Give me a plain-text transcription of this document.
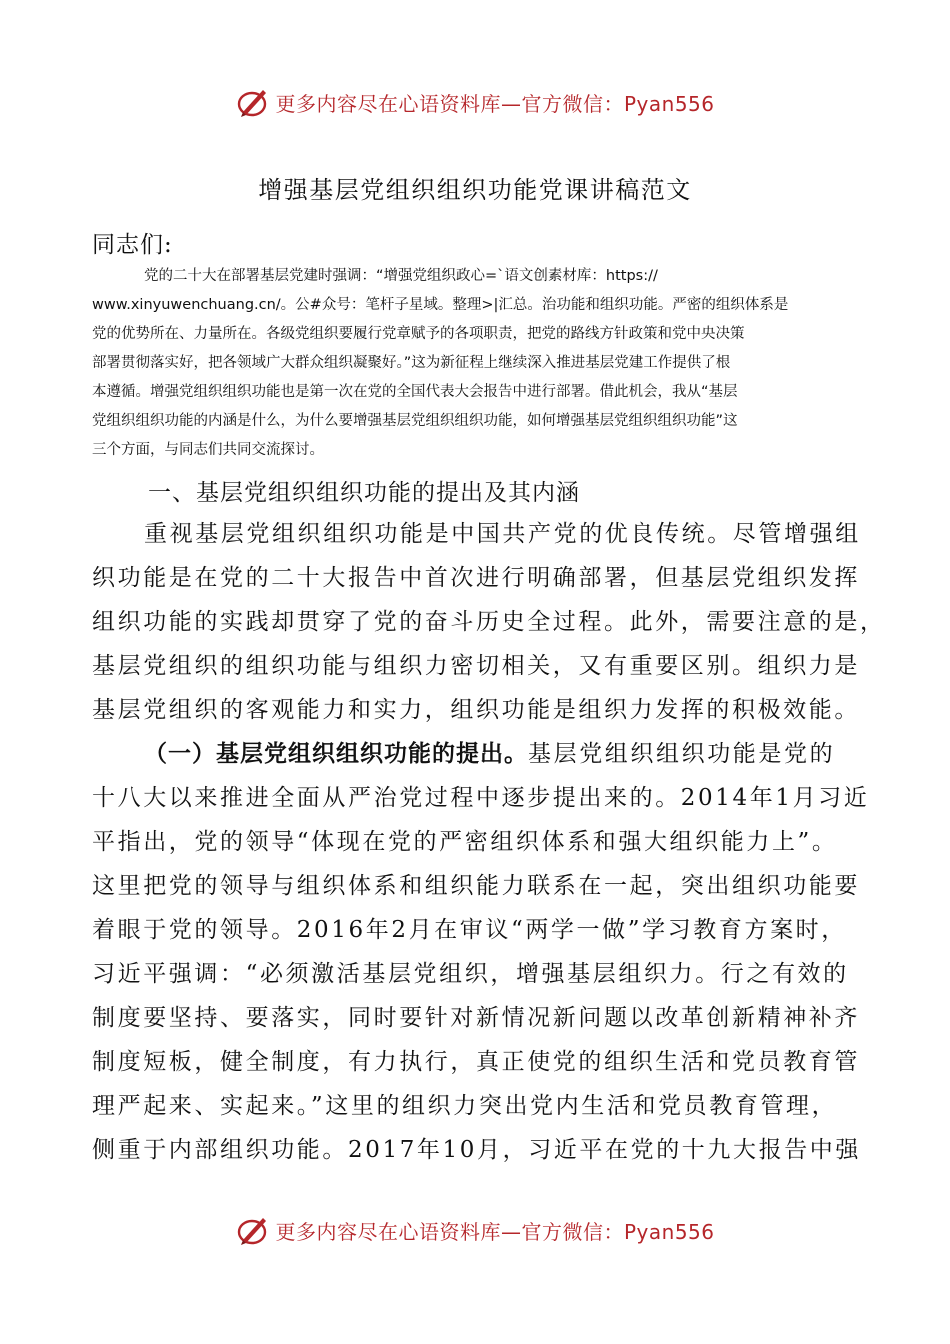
更多内容尽在心语资料库—官方微信：Pyan556
增强基层党组织组织功能党课讲稿范文
同志们:
党的二十大在部署基层党建时强调：“增强党组织政心=`语文创素材库：https://
www.xinyuwenchuang.cn/。公#众号：笔杆子星域。整理>|汇总。治功能和组织功能。严密的组织体系是
党的优势所在、力量所在。各级党组织要履行党章赋予的各项职责，把党的路线方针政策和党中央决策
部署贯彻落实好，把各领域广大群众组织凝聚好。”这为新征程上继续深入推进基层党建工作提供了根
本遵循。增强党组织组织功能也是第一次在党的全国代表大会报告中进行部署。借此机会，我从“基层
党组织组织功能的内涵是什么，为什么要增强基层党组织组织功能，如何增强基层党组织组织功能”这
三个方面，与同志们共同交流探讨。
一、基层党组织组织功能的提出及其内涵
重视基层党组织组织功能是中国共产党的优良传统。尽管增强组
织功能是在党的二十大报告中首次进行明确部署，但基层党组织发挥
组织功能的实践却贯穿了党的奋斗历史全过程。此外，需要注意的是，
基层党组织的组织功能与组织力密切相关，又有重要区别。组织力是
基层党组织的客观能力和实力，组织功能是组织力发挥的积极效能。
（一）基层党组织组织功能的提出。基层党组织组织功能是党的
十八大以来推进全面从严治党过程中逐步提出来的。2014年1月习近
平指出，党的领导“体现在党的严密组织体系和强大组织能力上”。
这里把党的领导与组织体系和组织能力联系在一起，突出组织功能要
着眼于党的领导。2016年2月在审议“两学一做”学习教育方案时，
习近平强调：“必须激活基层党组织，增强基层组织力。行之有效的
制度要坚持、要落实，同时要针对新情况新问题以改革创新精神补齐
制度短板，健全制度，有力执行，真正使党的组织生活和党员教育管
理严起来、实起来。”这里的组织力突出党内生活和党员教育管理，
侧重于内部组织功能。2017年10月，习近平在党的十九大报告中强
更多内容尽在心语资料库—官方微信：Pyan556
